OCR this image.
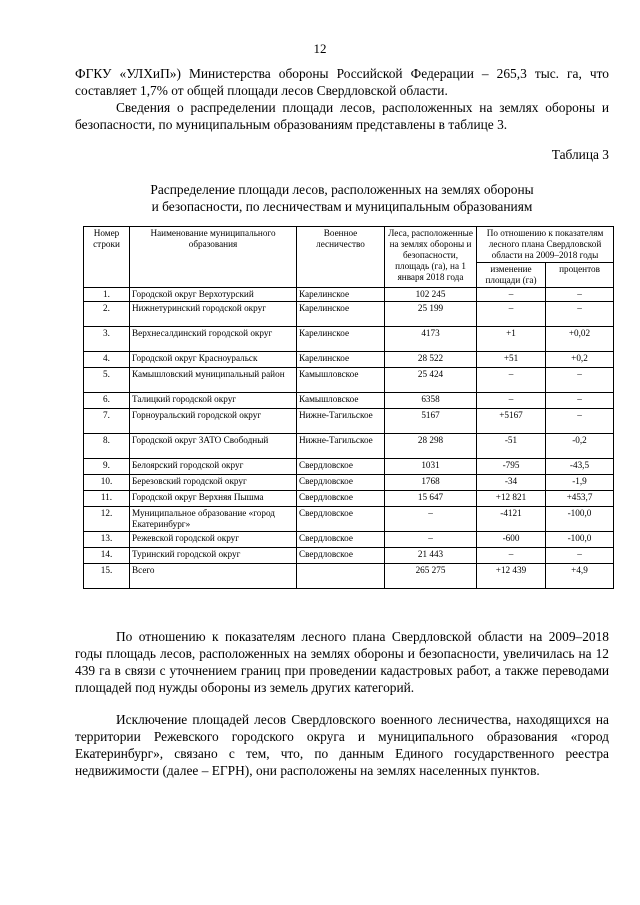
12

ФГКУ «УЛХиП») Министерства обороны Российской Федерации – 265,3 тыс. га, что составляет 1,7% от общей площади лесов Свердловской области.

Сведения о распределении площади лесов, расположенных на землях обороны и безопасности, по муниципальным образованиям представлены в таблице 3.

Таблица 3
Распределение площади лесов, расположенных на землях обороны
и безопасности, по лесничествам и муниципальным образованиям
Номер строки	Наименование муниципального образования	Военное лесничество	Леса, расположенные на землях обороны и безопасности, площадь (га), на 1 января 2018 года	По отношению к показателям лесного плана Свердловской области на 2009–2018 годы	
				изменение площади (га)	процентов
1.	Городской округ Верхотурский	Карелинское	102 245	–	–
2.	Нижнетуринский городской округ	Карелинское	25 199	–	–
3.	Верхнесалдинский городской округ	Карелинское	4173	+1	+0,02
4.	Городской округ Красноуральск	Карелинское	28 522	+51	+0,2
5.	Камышловский муниципальный район	Камышловское	25 424	–	–
6.	Талицкий городской округ	Камышловское	6358	–	–
7.	Горноуральский городской округ	Нижне-Тагильское	5167	+5167	–
8.	Городской округ ЗАТО Свободный	Нижне-Тагильское	28 298	-51	-0,2
9.	Белоярский городской округ	Свердловское	1031	-795	-43,5
10.	Березовский городской округ	Свердловское	1768	-34	-1,9
11.	Городской округ Верхняя Пышма	Свердловское	15 647	+12 821	+453,7
12.	Муниципальное образование «город Екатеринбург»	Свердловское	–	-4121	-100,0
13.	Режевской городской округ	Свердловское	–	-600	-100,0
14.	Туринский городской округ	Свердловское	21 443	–	–
15.	Всего		265 275	+12 439	+4,9

По отношению к показателям лесного плана Свердловской области на 2009–2018 годы площадь лесов, расположенных на землях обороны и безопасности, увеличилась на 12 439 га в связи с уточнением границ при проведении кадастровых работ, а также переводами площадей под нужды обороны из земель других категорий.

Исключение площадей лесов Свердловского военного лесничества, находящихся на территории Режевского городского округа и муниципального образования «город Екатеринбург», связано с тем, что, по данным Единого государственного реестра недвижимости (далее – ЕГРН), они расположены на землях населенных пунктов.
